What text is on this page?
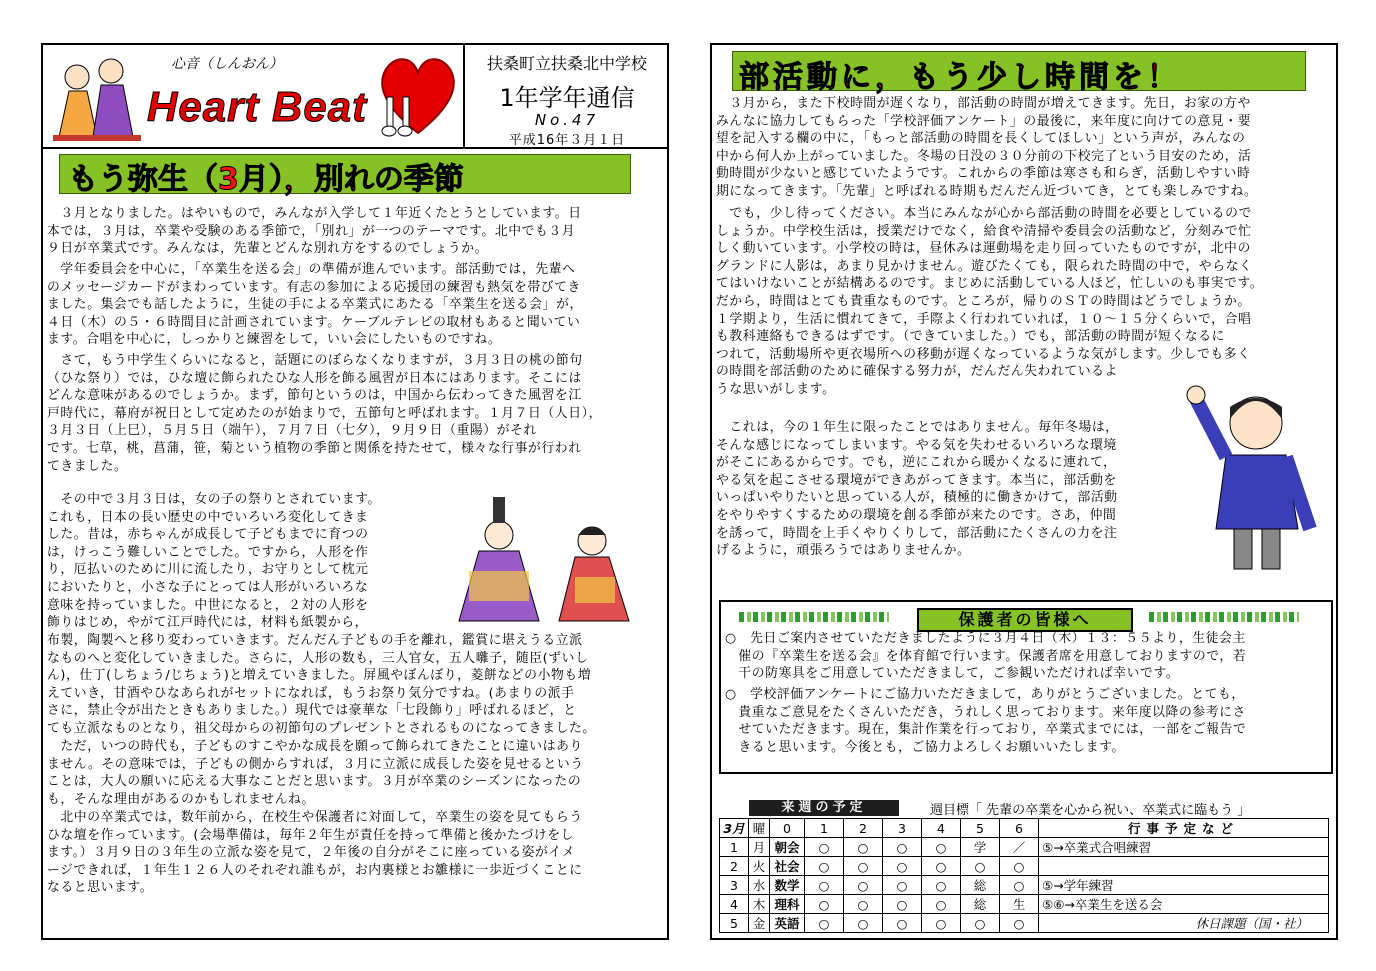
心音（しんおん）
Heart Beat
扶桑町立扶桑北中学校
1年学年通信
No.47
平成16年３月１日
もう弥生（3月），別れの季節
　３月となりました。はやいもので，みんなが入学して１年近くたとうとしています。日
本では，３月は，卒業や受験のある季節で，「別れ」が一つのテーマです。北中でも３月
９日が卒業式です。みんなは，先輩とどんな別れ方をするのでしょうか。
　学年委員会を中心に，「卒業生を送る会」の準備が進んでいます。部活動では，先輩へ
のメッセージカードがまわっています。有志の参加による応援団の練習も熱気を帯びてき
ました。集会でも話したように，生徒の手による卒業式にあたる「卒業生を送る会」が，
４日（木）の５・６時間目に計画されています。ケーブルテレビの取材もあると聞いてい
ます。合唱を中心に，しっかりと練習をして，いい会にしたいものですね。
　さて，もう中学生くらいになると，話題にのぼらなくなりますが，３月３日の桃の節句
（ひな祭り）では，ひな壇に飾られたひな人形を飾る風習が日本にはあります。そこには
どんな意味があるのでしょうか。まず，節句というのは，中国から伝わってきた風習を江
戸時代に，幕府が祝日として定めたのが始まりで，五節句と呼ばれます。１月７日（人日），
３月３日（上巳），５月５日（端午），７月７日（七夕），９月９日（重陽）がそれ
です。七草，桃，菖蒲，笹，菊という植物の季節と関係を持たせて，様々な行事が行われ
てきました。
　その中で３月３日は，女の子の祭りとされています。
これも，日本の長い歴史の中でいろいろ変化してきま
した。昔は，赤ちゃんが成長して子どもまでに育つの
は，けっこう難しいことでした。ですから，人形を作
り，厄払いのために川に流したり，お守りとして枕元
においたりと，小さな子にとっては人形がいろいろな
意味を持っていました。中世になると，２対の人形を
飾りはじめ，やがて江戸時代には，材料も紙製から，
布製，陶製へと移り変わっていきます。だんだん子どもの手を離れ，鑑賞に堪えうる立派
なものへと変化していきました。さらに，人形の数も，三人官女，五人囃子，随臣(ずいし
ん)，仕丁(しちょう/じちょう)と増えていきました。屏風やぼんぼり，菱餅などの小物も増
えていき，甘酒やひなあられがセットになれば，もうお祭り気分ですね。(あまりの派手
さに，禁止令が出たときもありました。）現代では豪華な「七段飾り」呼ばれるほど，と
ても立派なものとなり，祖父母からの初節句のプレゼントとされるものになってきました。
　ただ，いつの時代も，子どものすこやかな成長を願って飾られてきたことに違いはあり
ません。その意味では，子どもの側からすれば，３月に立派に成長した姿を見せるという
ことは，大人の願いに応える大事なことだと思います。３月が卒業のシーズンになったの
も，そんな理由があるのかもしれませんね。
　北中の卒業式では，数年前から，在校生や保護者に対面して，卒業生の姿を見てもらう
ひな壇を作っています。(会場準備は，毎年２年生が責任を持って準備と後かたづけをし
ます。）３月９日の３年生の立派な姿を見て，２年後の自分がそこに座っている姿がイメ
ージできれば，１年生１２６人のそれぞれ誰もが，お内裏様とお雛様に一歩近づくことに
なると思います。
部活動に，もう少し時間を！
　３月から，また下校時間が遅くなり，部活動の時間が増えてきます。先日，お家の方や
みんなに協力してもらった「学校評価アンケート」の最後に，来年度に向けての意見・要
望を記入する欄の中に，「もっと部活動の時間を長くしてほしい」という声が，みんなの
中から何人か上がっていました。冬場の日没の３０分前の下校完了という目安のため，活
動時間が少ないと感じていたようです。これからの季節は寒さも和らぎ，活動しやすい時
期になってきます。「先輩」と呼ばれる時期もだんだん近づいてき，とても楽しみですね。
　でも，少し待ってください。本当にみんなが心から部活動の時間を必要としているので
しょうか。中学校生活は，授業だけでなく，給食や清掃や委員会の活動など，分刻みで忙
しく動いています。小学校の時は，昼休みは運動場を走り回っていたものですが，北中の
グランドに人影は，あまり見かけません。遊びたくても，限られた時間の中で，やらなく
てはいけないことが結構あるのです。まじめに活動している人ほど，忙しいのも事実です。
だから，時間はとても貴重なものです。ところが，帰りのＳＴの時間はどうでしょうか。
１学期より，生活に慣れてきて，手際よく行われていれば，１０～１５分くらいで，合唱
も教科連絡もできるはずです。（できていました。）でも，部活動の時間が短くなるに
つれて，活動場所や更衣場所への移動が遅くなっているような気がします。少しでも多く
の時間を部活動のために確保する努力が，だんだん失われているよ
うな思いがします。
　これは，今の１年生に限ったことではありません。毎年冬場は，
そんな感じになってしまいます。やる気を失わせるいろいろな環境
がそこにあるからです。でも，逆にこれから暖かくなるに連れて，
やる気を起こさせる環境ができあがってきます。本当に，部活動を
いっぱいやりたいと思っている人が，積極的に働きかけて，部活動
をやりやすくするための環境を創る季節が来たのです。さあ，仲間
を誘って，時間を上手くやりくりして，部活動にたくさんの力を注
げるように，頑張ろうではありませんか。
保護者の皆様へ
○　先日ご案内させていただきましたように３月４日（木）１３：５５より，生徒会主
　催の『卒業生を送る会』を体育館で行います。保護者席を用意しておりますので，若
　干の防寒具をご用意していただきまして，ご参観いただければ幸いです。
○　学校評価アンケートにご協力いただきまして，ありがとうございました。とても，
　貴重なご意見をたくさんいただき，うれしく思っております。来年度以降の参考にさ
　せていただきます。現在，集計作業を行っており，卒業式までには，一部をご報告で
　きると思います。今後とも，ご協力よろしくお願いいたします。
来週の予定	週目標「 先輩の卒業を心から祝い、卒業式に臨もう 」
3月	曜	0	1	2	3	4	5	6	行事予定など
1	月	朝会	○	○	○	○	学	／	⑤→卒業式合唱練習
2	火	社会	○	○	○	○	○	○	
3	水	数学	○	○	○	○	総	○	⑤→学年練習
4	木	理科	○	○	○	○	総	生	⑤⑥→卒業生を送る会
5	金	英語	○	○	○	○	○	○	休日課題（国・社）
